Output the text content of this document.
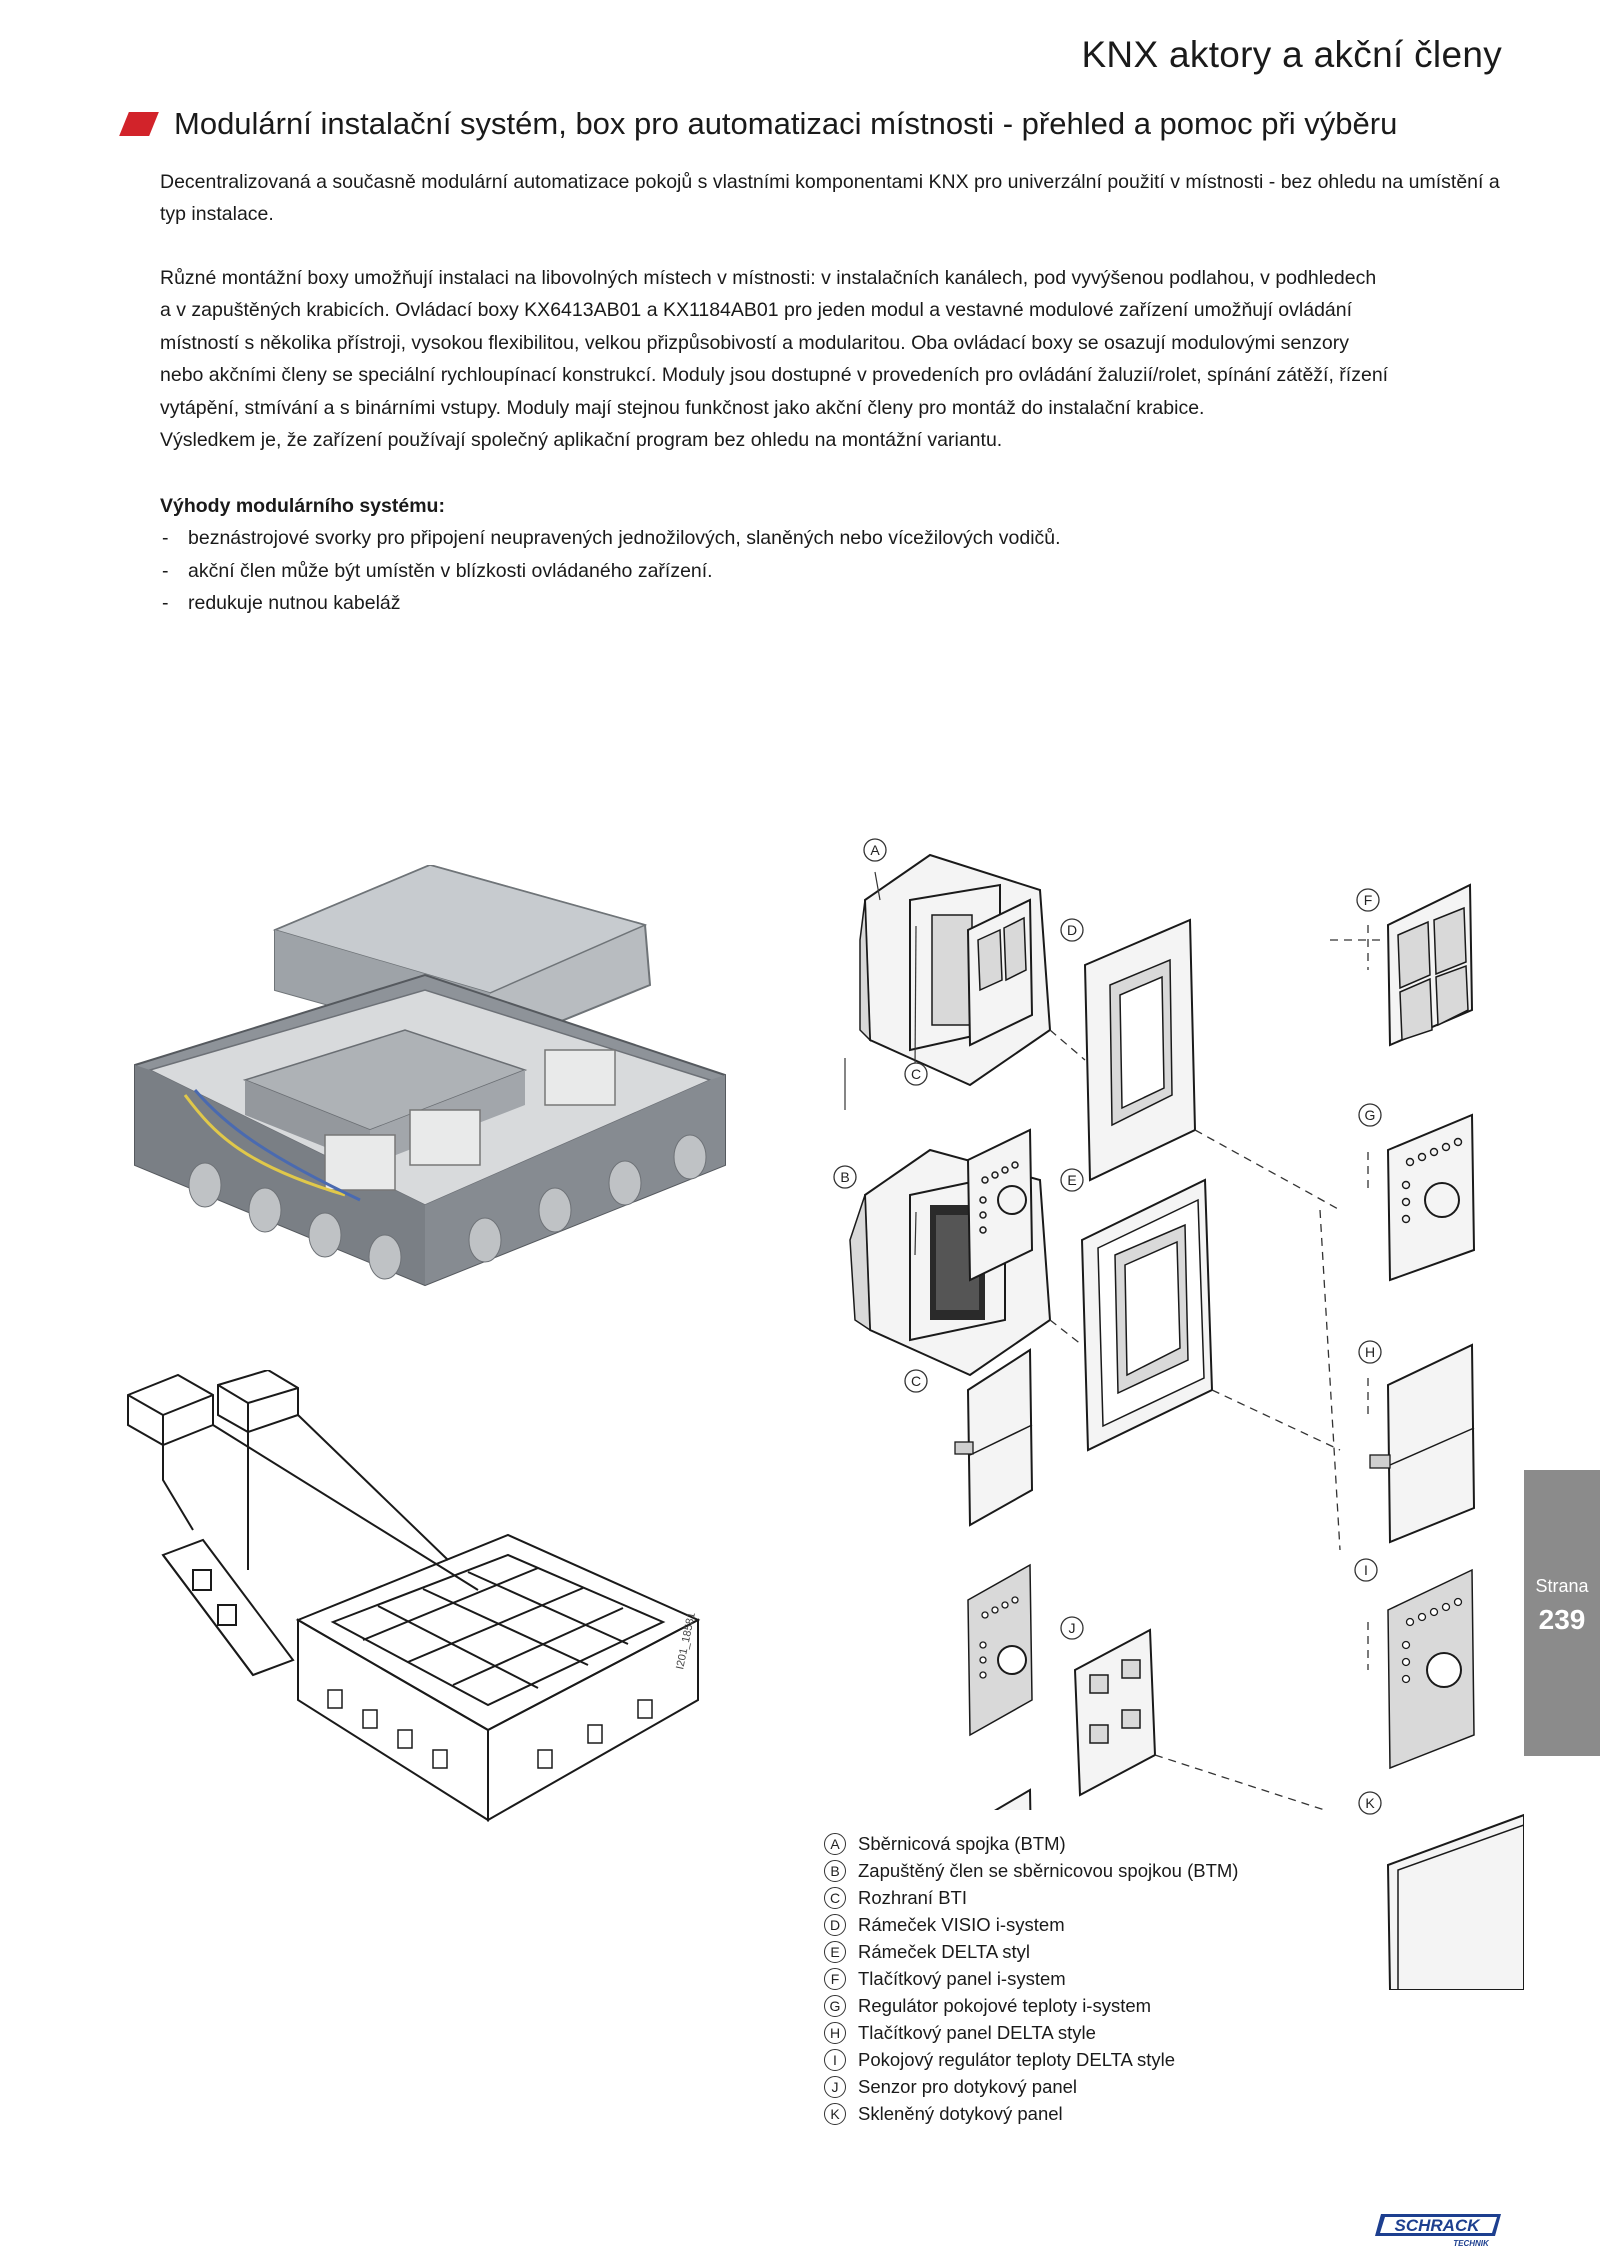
KNX aktory a akční členy
Modulární instalační systém, box pro automatizaci místnosti - přehled a pomoc při výběru
Decentralizovaná a současně modulární automatizace pokojů s vlastními komponentami KNX pro univerzální použití v místnosti - bez ohledu na umístění a typ instalace.
Různé montážní boxy umožňují instalaci na libovolných místech v místnosti: v instalačních kanálech, pod vyvýšenou podlahou, v podhledech
a v zapuštěných krabicích. Ovládací boxy KX6413AB01 a KX1184AB01 pro jeden modul a vestavné modulové zařízení umožňují ovládání
místností s několika přístroji, vysokou flexibilitou, velkou přizpůsobivostí a modularitou. Oba ovládací boxy se osazují modulovými senzory
nebo akčními členy se speciální rychloupínací konstrukcí. Moduly jsou dostupné v provedeních pro ovládání žaluzií/rolet, spínání zátěží, řízení
vytápění, stmívání a s binárními vstupy. Moduly mají stejnou funkčnost jako akční členy pro montáž do instalační krabice.
Výsledkem je, že zařízení používají společný aplikační program bez ohledu na montážní variantu.
Výhody modulárního systému:
- beznástrojové svorky pro připojení neupravených jednožilových, slaněných nebo vícežilových vodičů.
- akční člen může být umístěn v blízkosti ovládaného zařízení.
- redukuje nutnou kabeláž
I201_18581
A
C
D
B	E
C
J
F
G
H
I
K
A Sběrnicová spojka (BTM)
B Zapuštěný člen se sběrnicovou spojkou (BTM)
C Rozhraní BTI
D Rámeček VISIO i-system
E Rámeček DELTA styl
F	Tlačítkový panel i-system
G Regulátor pokojové teploty i-system
H Tlačítkový panel DELTA style
I	Pokojový regulátor teploty DELTA style
J	Senzor pro dotykový panel
K Skleněný dotykový panel
Strana
239
SCHRACK
TECHNIK
